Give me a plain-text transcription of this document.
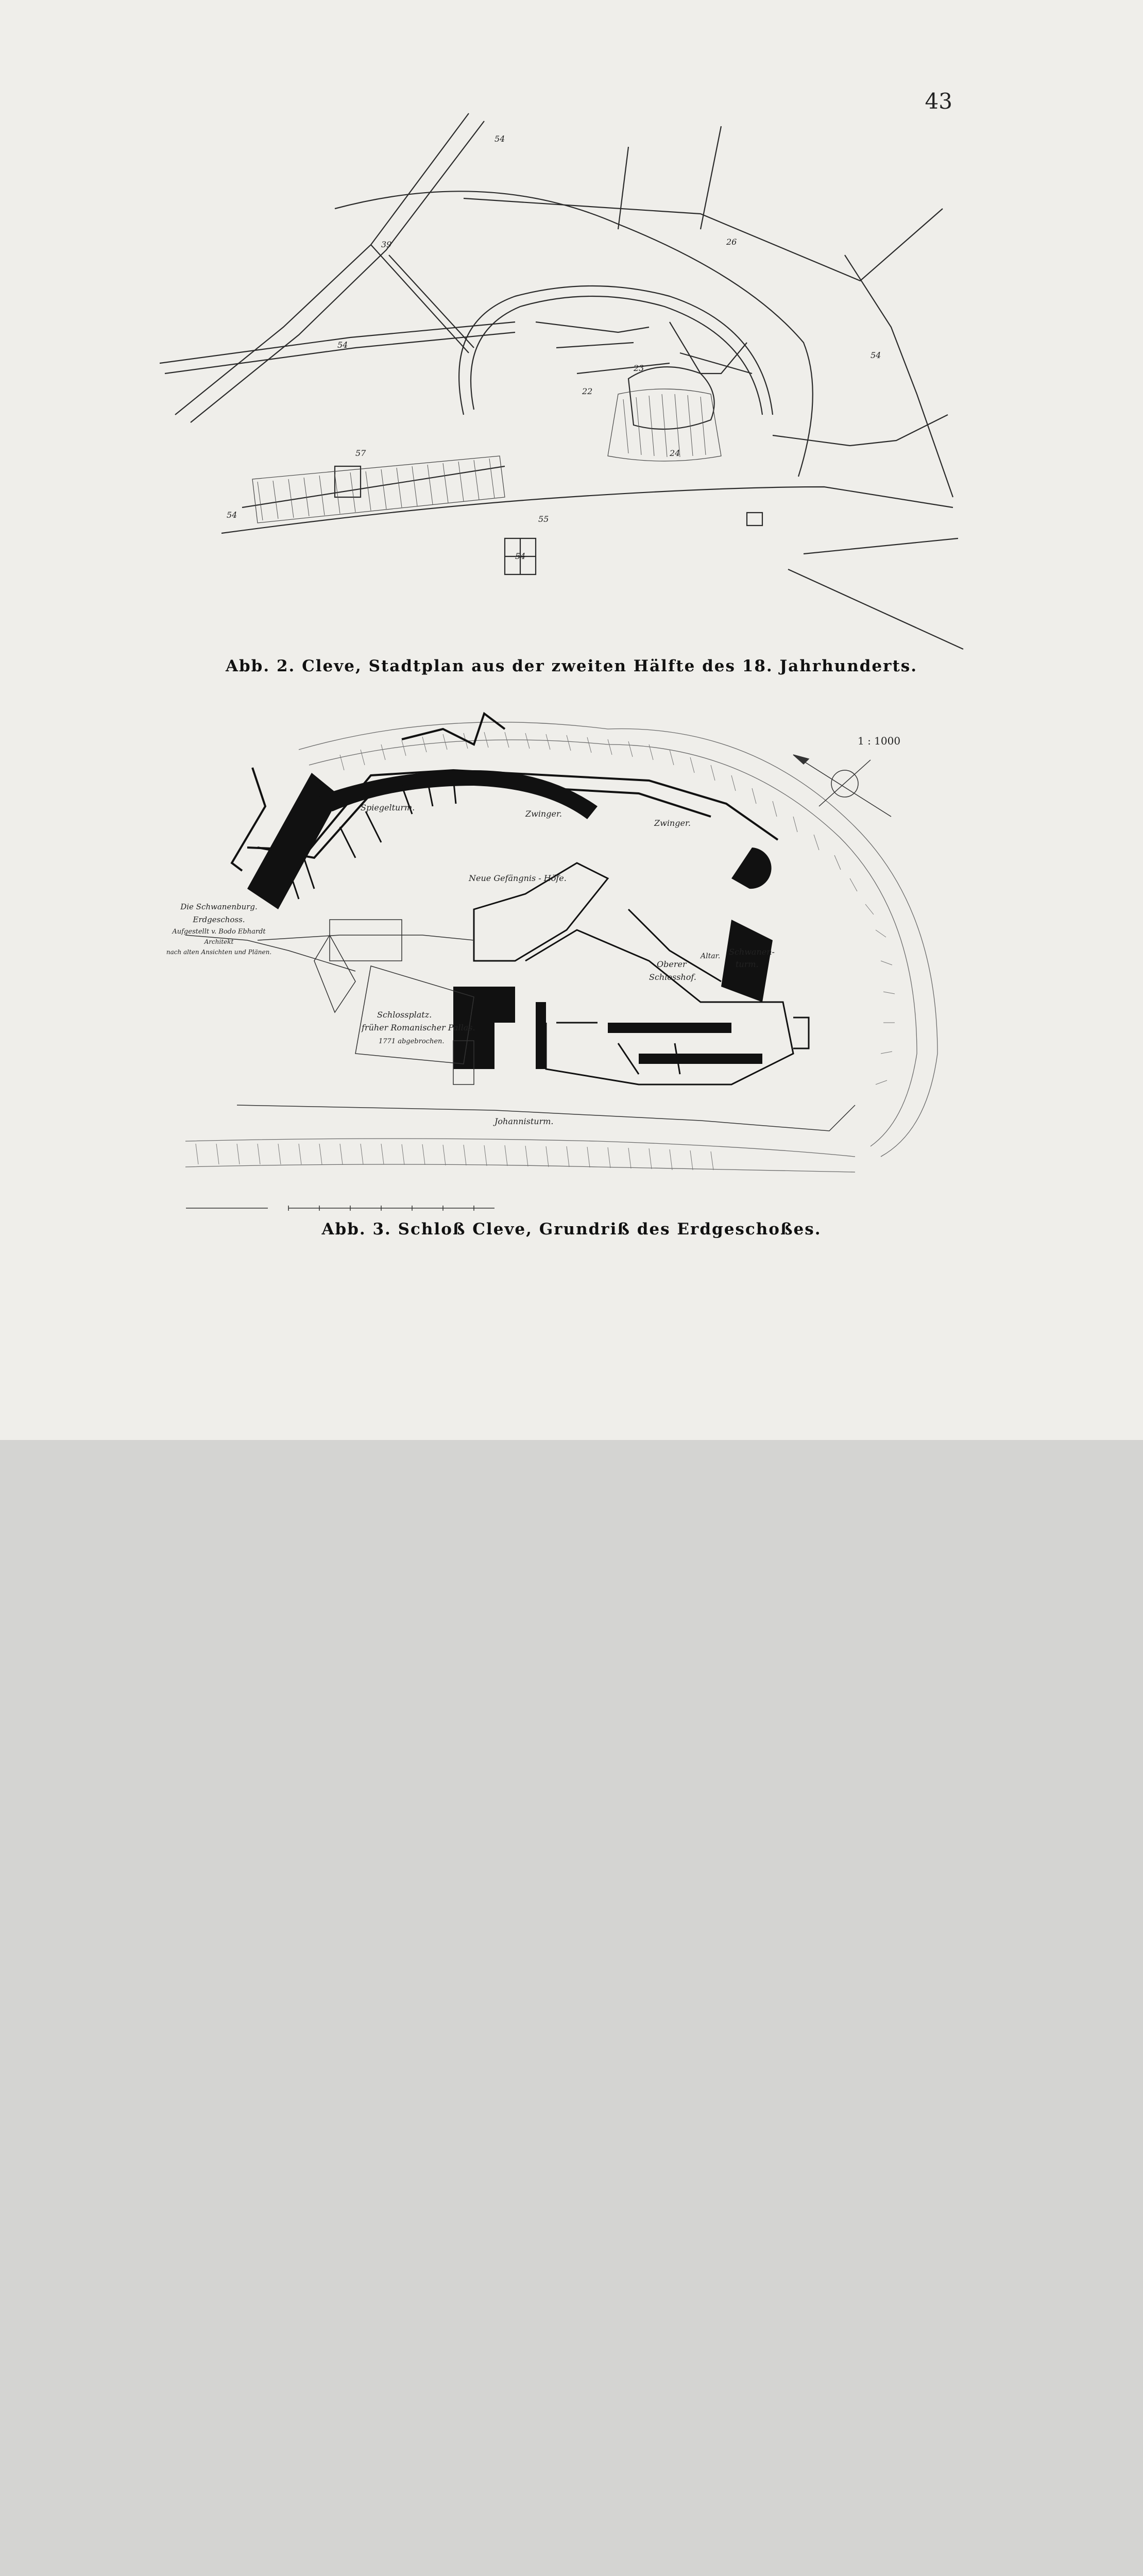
43
54
39
54
57
55
54
23
22
24
26
54
54
Abb. 2. Cleve, Stadtplan aus der zweiten Hälfte des 18. Jahrhunderts.
1 : 1000
Spiegelturm.
Zwinger.
Zwinger.
Neue Gefängnis - Höfe.
Oberer
Schlosshof.
Altar. Schwanen-
turm.
Schlossplatz.
früher Romanischer Pallas.
1771 abgebrochen.
Johannisturm.
Die Schwanenburg.
Erdgeschoss.
Aufgestellt v. Bodo Ebhardt
Architekt
nach alten Ansichten und Plänen.
Abb. 3. Schloß Cleve, Grundriß des Erdgeschoßes.
